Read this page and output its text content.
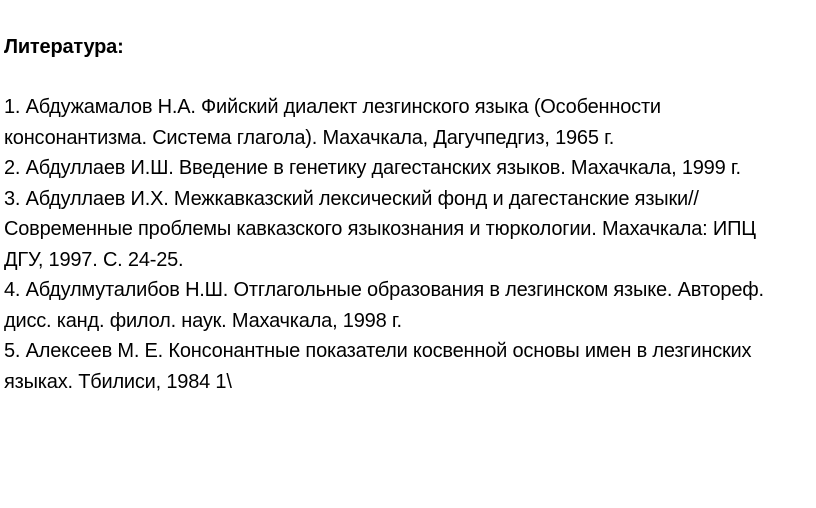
Литература:
1. Абдужамалов Н.А. Фийский диалект лезгинского языка (Особенности консонантизма. Система глагола). Махачкала, Дагучпедгиз, 1965 г.
2. Абдуллаев И.Ш. Введение в генетику дагестанских языков. Махачкала, 1999 г.
3. Абдуллаев И.Х. Межкавказский лексический фонд и дагестанские языки//Современные проблемы кавказского языкознания и тюркологии. Махачкала: ИПЦ ДГУ, 1997. С. 24-25.
4. Абдулмуталибов Н.Ш. Отглагольные образования в лезгинском языке. Автореф. дисс. канд. филол. наук. Махачкала, 1998 г.
5. Алексеев М. Е. Консонантные показатели косвенной основы имен в лезгинских языках. Тбилиси, 1984 1\
